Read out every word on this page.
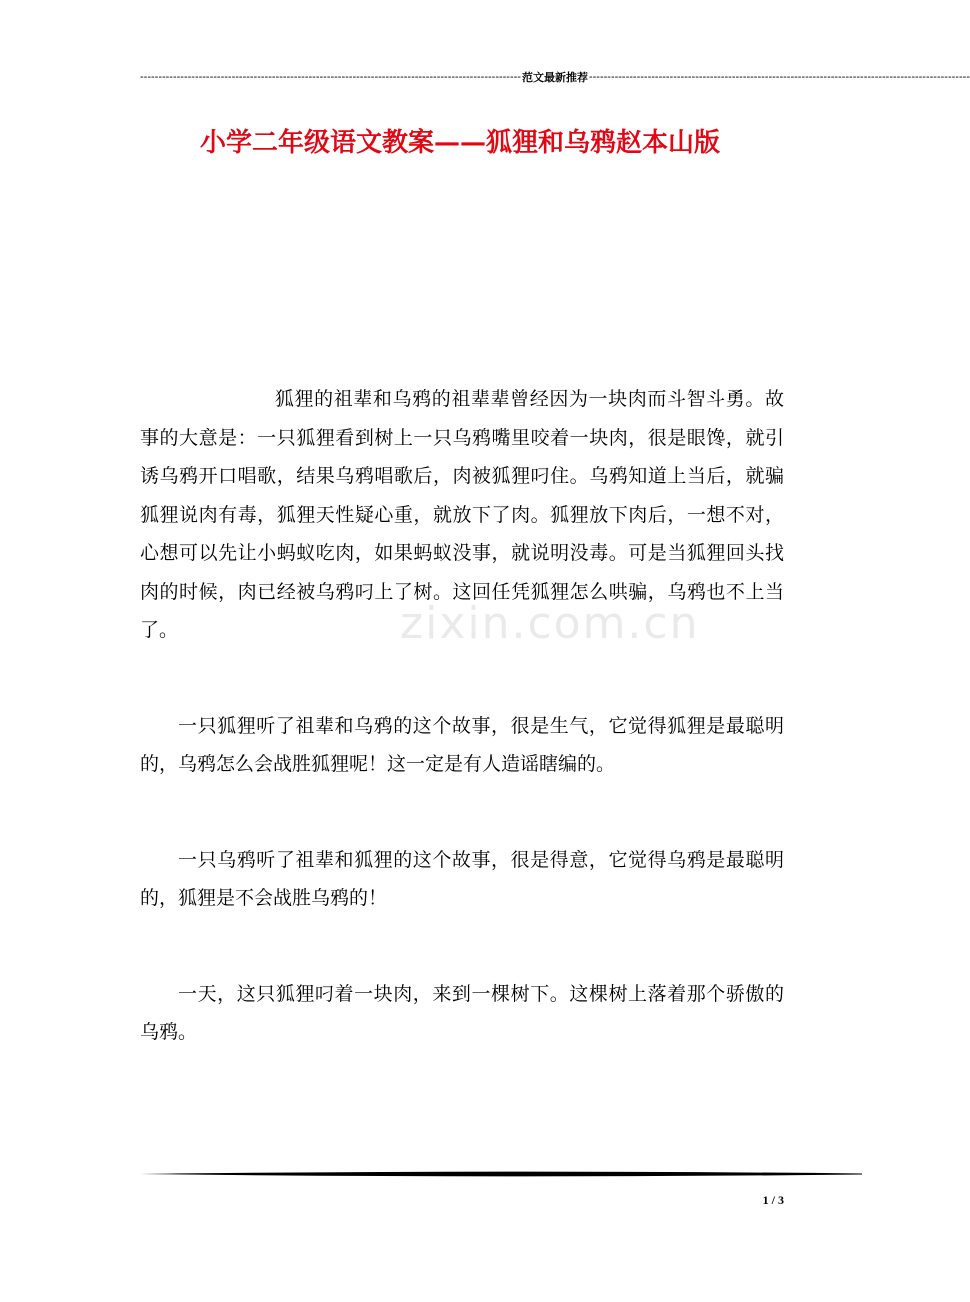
-------------------------------------------------------------------------------------------------------- 范文最新推荐 --------------------------------------------------------------------------------------------------------
小学二年级语文教案——狐狸和乌鸦赵本山版
zixin.com.cn

狐狸的祖辈和乌鸦的祖辈辈曾经因为一块肉而斗智斗勇。故事的大意是：一只狐狸看到树上一只乌鸦嘴里咬着一块肉，很是眼馋，就引诱乌鸦开口唱歌，结果乌鸦唱歌后，肉被狐狸叼住。乌鸦知道上当后，就骗狐狸说肉有毒，狐狸天性疑心重，就放下了肉。狐狸放下肉后，一想不对，心想可以先让小蚂蚁吃肉，如果蚂蚁没事，就说明没毒。可是当狐狸回头找肉的时候，肉已经被乌鸦叼上了树。这回任凭狐狸怎么哄骗，乌鸦也不上当了。

一只狐狸听了祖辈和乌鸦的这个故事，很是生气，它觉得狐狸是最聪明的，乌鸦怎么会战胜狐狸呢！这一定是有人造谣瞎编的。

一只乌鸦听了祖辈和狐狸的这个故事，很是得意，它觉得乌鸦是最聪明的，狐狸是不会战胜乌鸦的！

一天，这只狐狸叼着一块肉，来到一棵树下。这棵树上落着那个骄傲的乌鸦。

1 / 3
